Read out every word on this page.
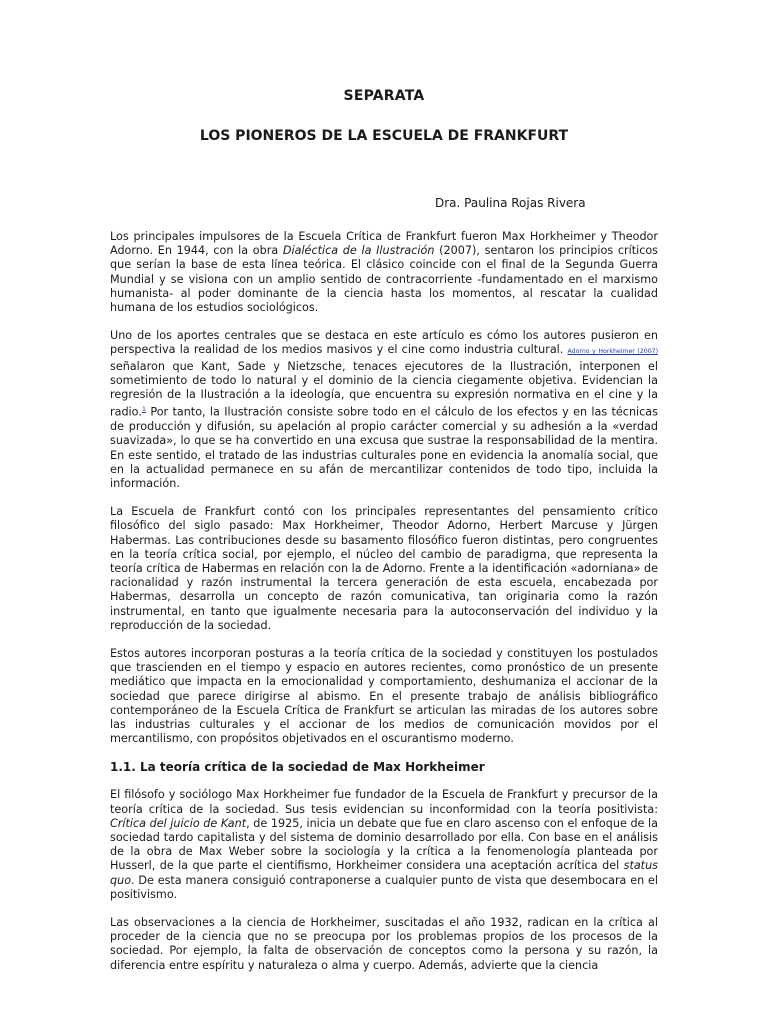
SEPARATA
LOS PIONEROS DE LA ESCUELA DE FRANKFURT
Dra. Paulina Rojas Rivera

Los principales impulsores de la Escuela Crítica de Frankfurt fueron Max Horkheimer y Theodor Adorno. En 1944, con la obra Dialéctica de la Ilustración (2007), sentaron los principios críticos que serían la base de esta línea teórica. El clásico coincide con el final de la Segunda Guerra Mundial y se visiona con un amplio sentido de contracorriente -fundamentado en el marxismo humanista- al poder dominante de la ciencia hasta los momentos, al rescatar la cualidad humana de los estudios sociológicos.

Uno de los aportes centrales que se destaca en este artículo es cómo los autores pusieron en perspectiva la realidad de los medios masivos y el cine como industria cultural. Adorno y Horkheimer (2007) señalaron que Kant, Sade y Nietzsche, tenaces ejecutores de la Ilustración, interponen el sometimiento de todo lo natural y el dominio de la ciencia ciegamente objetiva. Evidencian la regresión de la Ilustración a la ideología, que encuentra su expresión normativa en el cine y la radio.$^1$ Por tanto, la Ilustración consiste sobre todo en el cálculo de los efectos y en las técnicas de producción y difusión, su apelación al propio carácter comercial y su adhesión a la «verdad suavizada», lo que se ha convertido en una excusa que sustrae la responsabilidad de la mentira. En este sentido, el tratado de las industrias culturales pone en evidencia la anomalía social, que en la actualidad permanece en su afán de mercantilizar contenidos de todo tipo, incluida la información.

La Escuela de Frankfurt contó con los principales representantes del pensamiento crítico filosófico del siglo pasado: Max Horkheimer, Theodor Adorno, Herbert Marcuse y Jürgen Habermas. Las contribuciones desde su basamento filosófico fueron distintas, pero congruentes en la teoría crítica social, por ejemplo, el núcleo del cambio de paradigma, que representa la teoría crítica de Habermas en relación con la de Adorno. Frente a la identificación «adorniana» de racionalidad y razón instrumental la tercera generación de esta escuela, encabezada por Habermas, desarrolla un concepto de razón comunicativa, tan originaria como la razón instrumental, en tanto que igualmente necesaria para la autoconservación del individuo y la reproducción de la sociedad.

Estos autores incorporan posturas a la teoría crítica de la sociedad y constituyen los postulados que trascienden en el tiempo y espacio en autores recientes, como pronóstico de un presente mediático que impacta en la emocionalidad y comportamiento, deshumaniza el accionar de la sociedad que parece dirigirse al abismo. En el presente trabajo de análisis bibliográfico contemporáneo de la Escuela Crítica de Frankfurt se articulan las miradas de los autores sobre las industrias culturales y el accionar de los medios de comunicación movidos por el mercantilismo, con propósitos objetivados en el oscurantismo moderno.

1.1. La teoría crítica de la sociedad de Max Horkheimer

El filósofo y sociólogo Max Horkheimer fue fundador de la Escuela de Frankfurt y precursor de la teoría crítica de la sociedad. Sus tesis evidencian su inconformidad con la teoría positivista: Crítica del juicio de Kant, de 1925, inicia un debate que fue en claro ascenso con el enfoque de la sociedad tardo capitalista y del sistema de dominio desarrollado por ella. Con base en el análisis de la obra de Max Weber sobre la sociología y la crítica a la fenomenología planteada por Husserl, de la que parte el cientifismo, Horkheimer considera una aceptación acrítica del status quo. De esta manera consiguió contraponerse a cualquier punto de vista que desembocara en el positivismo.

Las observaciones a la ciencia de Horkheimer, suscitadas el año 1932, radican en la crítica al proceder de la ciencia que no se preocupa por los problemas propios de los procesos de la sociedad. Por ejemplo, la falta de observación de conceptos como la persona y su razón, la diferencia entre espíritu y naturaleza o alma y cuerpo. Además, advierte que la ciencia
